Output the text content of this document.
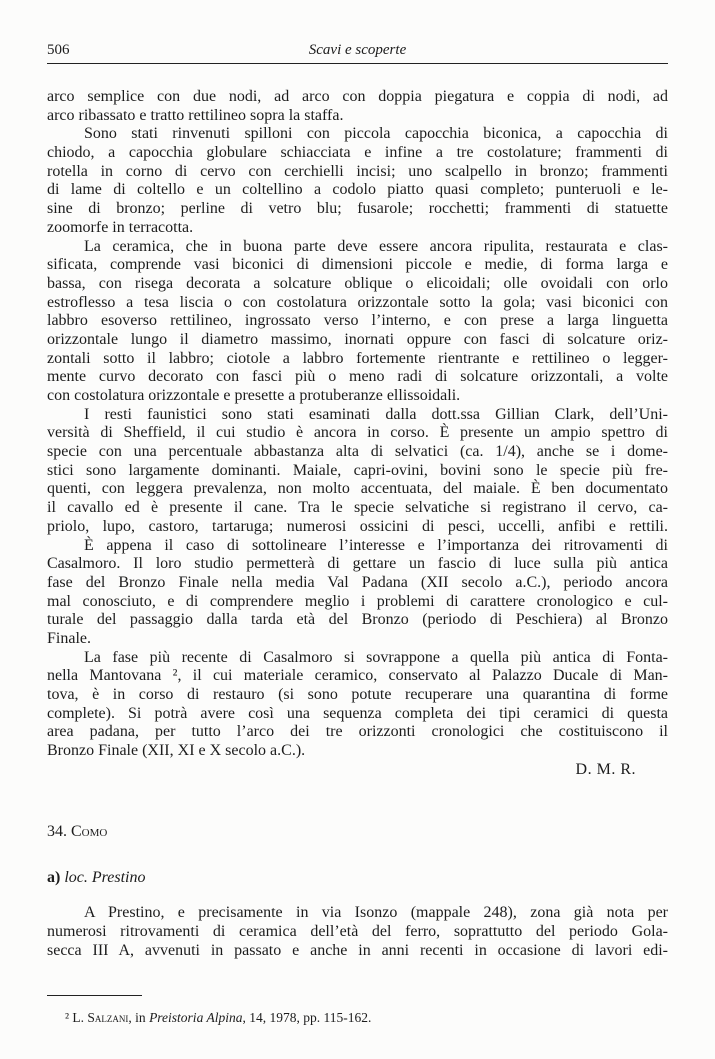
506	Scavi e scoperte
arco semplice con due nodi, ad arco con doppia piegatura e coppia di nodi, ad
arco ribassato e tratto rettilineo sopra la staffa.
Sono stati rinvenuti spilloni con piccola capocchia biconica, a capocchia di
chiodo, a capocchia globulare schiacciata e infine a tre costolature; frammenti di
rotella in corno di cervo con cerchielli incisi; uno scalpello in bronzo; frammenti
di lame di coltello e un coltellino a codolo piatto quasi completo; punteruoli e le-
sine di bronzo; perline di vetro blu; fusarole; rocchetti; frammenti di statuette
zoomorfe in terracotta.
La ceramica, che in buona parte deve essere ancora ripulita, restaurata e clas-
sificata, comprende vasi biconici di dimensioni piccole e medie, di forma larga e
bassa, con risega decorata a solcature oblique o elicoidali; olle ovoidali con orlo
estroflesso a tesa liscia o con costolatura orizzontale sotto la gola; vasi biconici con
labbro esoverso rettilineo, ingrossato verso l’interno, e con prese a larga linguetta
orizzontale lungo il diametro massimo, inornati oppure con fasci di solcature oriz-
zontali sotto il labbro; ciotole a labbro fortemente rientrante e rettilineo o legger-
mente curvo decorato con fasci più o meno radi di solcature orizzontali, a volte
con costolatura orizzontale e presette a protuberanze ellissoidali.
I resti faunistici sono stati esaminati dalla dott.ssa Gillian Clark, dell’Uni-
versità di Sheffield, il cui studio è ancora in corso. È presente un ampio spettro di
specie con una percentuale abbastanza alta di selvatici (ca. 1/4), anche se i dome-
stici sono largamente dominanti. Maiale, capri-ovini, bovini sono le specie più fre-
quenti, con leggera prevalenza, non molto accentuata, del maiale. È ben documentato
il cavallo ed è presente il cane. Tra le specie selvatiche si registrano il cervo, ca-
priolo, lupo, castoro, tartaruga; numerosi ossicini di pesci, uccelli, anfibi e rettili.
È appena il caso di sottolineare l’interesse e l’importanza dei ritrovamenti di
Casalmoro. Il loro studio permetterà di gettare un fascio di luce sulla più antica
fase del Bronzo Finale nella media Val Padana (XII secolo a.C.), periodo ancora
mal conosciuto, e di comprendere meglio i problemi di carattere cronologico e cul-
turale del passaggio dalla tarda età del Bronzo (periodo di Peschiera) al Bronzo
Finale.
La fase più recente di Casalmoro si sovrappone a quella più antica di Fonta-
nella Mantovana ², il cui materiale ceramico, conservato al Palazzo Ducale di Man-
tova, è in corso di restauro (si sono potute recuperare una quarantina di forme
complete). Si potrà avere così una sequenza completa dei tipi ceramici di questa
area padana, per tutto l’arco dei tre orizzonti cronologici che costituiscono il
Bronzo Finale (XII, XI e X secolo a.C.).
D. M. R.
34. Como
a) loc. Prestino
A Prestino, e precisamente in via Isonzo (mappale 248), zona già nota per
numerosi ritrovamenti di ceramica dell’età del ferro, soprattutto del periodo Gola-
secca III A, avvenuti in passato e anche in anni recenti in occasione di lavori edi-
² L. Salzani, in Preistoria Alpina, 14, 1978, pp. 115-162.
